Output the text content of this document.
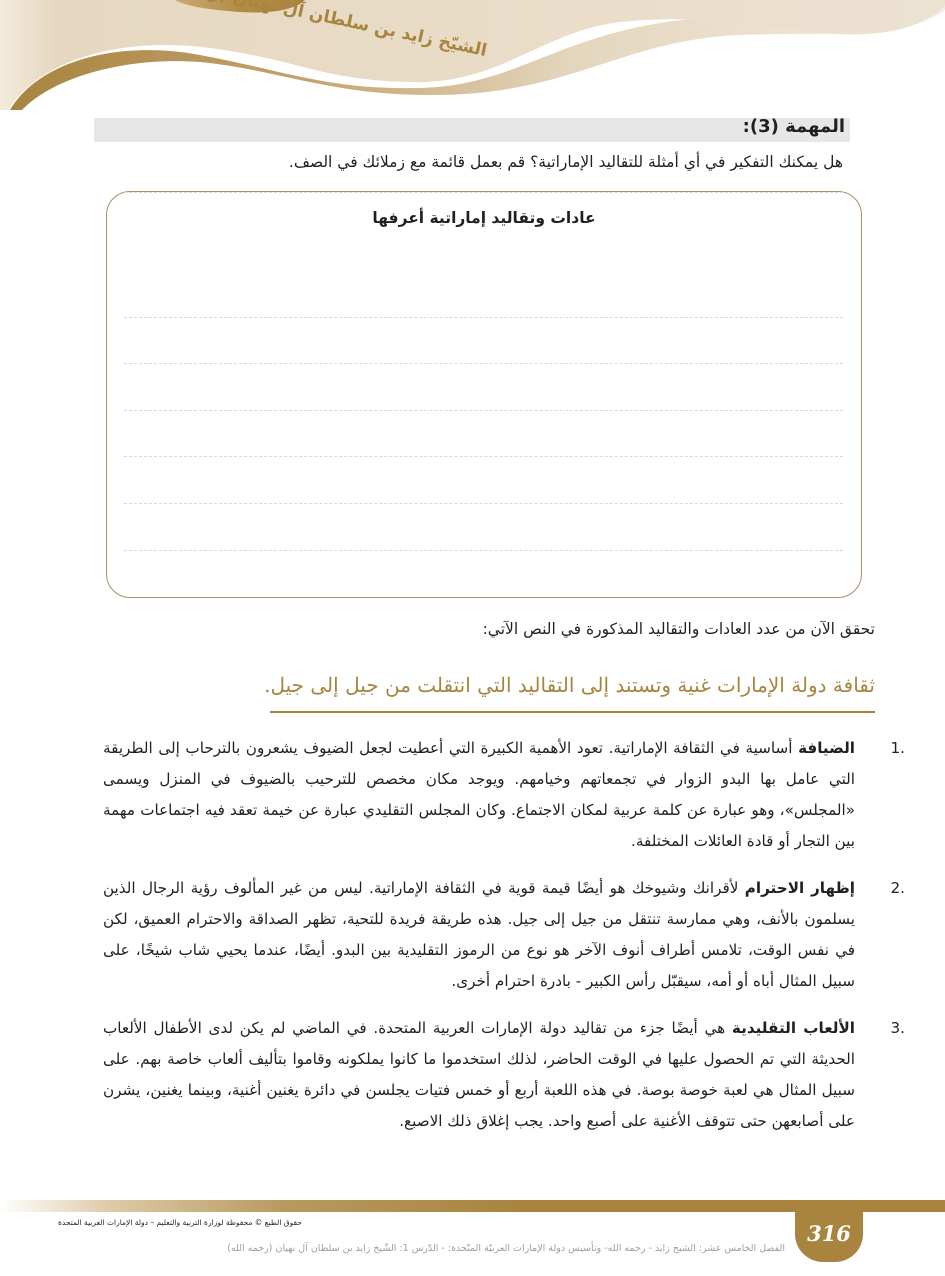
المهمة (3):
هل يمكنك التفكير في أي أمثلة للتقاليد الإماراتية؟ قم بعمل قائمة مع زملائك في الصف.
عادات وتقاليد إماراتية أعرفها
تحقق الآن من عدد العادات والتقاليد المذكورة في النص الآتي:
ثقافة دولة الإمارات غنية وتستند إلى التقاليد التي انتقلت من جيل إلى جيل.

1.
الضيافة أساسية في الثقافة الإماراتية. تعود الأهمية الكبيرة التي أعطيت لجعل الضيوف يشعرون بالترحاب إلى الطريقة التي عامل بها البدو الزوار في تجمعاتهم وخيامهم. ويوجد مكان مخصص للترحيب بالضيوف في المنزل ويسمى «المجلس»، وهو عبارة عن كلمة عربية لمكان الاجتماع. وكان المجلس التقليدي عبارة عن خيمة تعقد فيه اجتماعات مهمة بين التجار أو قادة العائلات المختلفة.

2.
إظهار الاحترام لأقرانك وشيوخك هو أيضًا قيمة قوية في الثقافة الإماراتية. ليس من غير المألوف رؤية الرجال الذين يسلمون بالأنف، وهي ممارسة تنتقل من جيل إلى جيل. هذه طريقة فريدة للتحية، تظهر الصداقة والاحترام العميق، لكن في نفس الوقت، تلامس أطراف أنوف الآخر هو نوع من الرموز التقليدية بين البدو. أيضًا، عندما يحيي شاب شيخًا، على سبيل المثال أباه أو أمه، سيقبّل رأس الكبير - بادرة احترام أخرى.

3.
الألعاب التقليدية هي أيضًا جزء من تقاليد دولة الإمارات العربية المتحدة. في الماضي لم يكن لدى الأطفال الألعاب الحديثة التي تم الحصول عليها في الوقت الحاضر، لذلك استخدموا ما كانوا يملكونه وقاموا بتأليف ألعاب خاصة بهم. على سبيل المثال هي لعبة خوصة بوصة. في هذه اللعبة أربع أو خمس فتيات يجلسن في دائرة يغنين أغنية، وبينما يغنين، يشرن على أصابعهن حتى تتوقف الأغنية على أصبع واحد. يجب إغلاق ذلك الاصبع.

316
حقوق الطبع © محفوظة لوزارة التربية والتعليم – دولة الإمارات العربية المتحدة
الفصل الخامس عشر: الشيخ زايد - رحمه الله- وتأسيس دولة الإمارات العربيّة المتّحدة: - الدّرس 1: الشّيخ زايد بن سلطان آل نهيان (رحمه الله)
